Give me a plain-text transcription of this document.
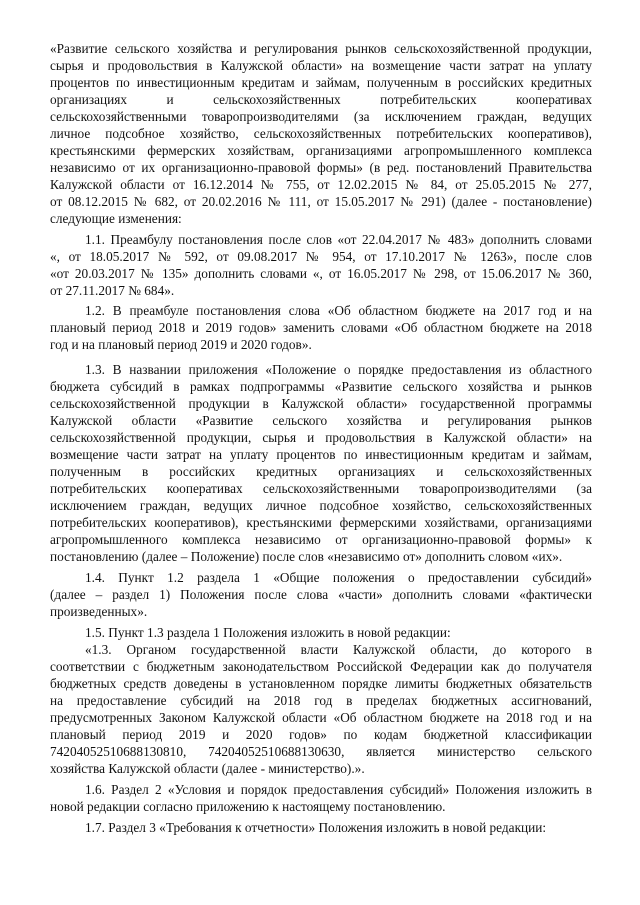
«Развитие сельского хозяйства и регулирования рынков сельскохозяйственной продукции,
сырья и продовольствия в Калужской области» на возмещение части затрат на уплату
процентов по инвестиционным кредитам и займам, полученным в российских кредитных
организациях и сельскохозяйственных потребительских кооперативах
сельскохозяйственными товаропроизводителями (за исключением граждан, ведущих
личное подсобное хозяйство, сельскохозяйственных потребительских кооперативов),
крестьянскими фермерских хозяйствам, организациями агропромышленного комплекса
независимо от их организационно-правовой формы» (в ред. постановлений Правительства
Калужской области от 16.12.2014 № 755, от 12.02.2015 № 84, от 25.05.2015 № 277,
от 08.12.2015 № 682, от 20.02.2016 № 111, от 15.05.2017 № 291) (далее - постановление)
следующие изменения:
1.1. Преамбулу постановления после слов «от 22.04.2017 № 483» дополнить словами
«, от 18.05.2017 № 592, от 09.08.2017 № 954, от 17.10.2017 № 1263», после слов
«от 20.03.2017 № 135» дополнить словами «, от 16.05.2017 № 298, от 15.06.2017 № 360,
от 27.11.2017 № 684».
1.2. В преамбуле постановления слова «Об областном бюджете на 2017 год и на
плановый период 2018 и 2019 годов» заменить словами «Об областном бюджете на 2018
год и на плановый период 2019 и 2020 годов».
1.3. В названии приложения «Положение о порядке предоставления из областного
бюджета субсидий в рамках подпрограммы «Развитие сельского хозяйства и рынков
сельскохозяйственной продукции в Калужской области» государственной программы
Калужской области «Развитие сельского хозяйства и регулирования рынков
сельскохозяйственной продукции, сырья и продовольствия в Калужской области» на
возмещение части затрат на уплату процентов по инвестиционным кредитам и займам,
полученным в российских кредитных организациях и сельскохозяйственных
потребительских кооперативах сельскохозяйственными товаропроизводителями (за
исключением граждан, ведущих личное подсобное хозяйство, сельскохозяйственных
потребительских кооперативов), крестьянскими фермерскими хозяйствами, организациями
агропромышленного комплекса независимо от организационно-правовой формы» к
постановлению (далее – Положение) после слов «независимо от» дополнить словом «их».
1.4. Пункт 1.2 раздела 1 «Общие положения о предоставлении субсидий»
(далее – раздел 1) Положения после слова «части» дополнить словами «фактически
произведенных».
1.5. Пункт 1.3 раздела 1 Положения изложить в новой редакции:
«1.3. Органом государственной власти Калужской области, до которого в
соответствии с бюджетным законодательством Российской Федерации как до получателя
бюджетных средств доведены в установленном порядке лимиты бюджетных обязательств
на предоставление субсидий на 2018 год в пределах бюджетных ассигнований,
предусмотренных Законом Калужской области «Об областном бюджете на 2018 год и на
плановый период 2019 и 2020 годов» по кодам бюджетной классификации
74204052510688130810, 74204052510688130630, является министерство сельского
хозяйства Калужской области (далее - министерство).».
1.6. Раздел 2 «Условия и порядок предоставления субсидий» Положения изложить в
новой редакции согласно приложению к настоящему постановлению.
1.7. Раздел 3 «Требования к отчетности» Положения изложить в новой редакции:
